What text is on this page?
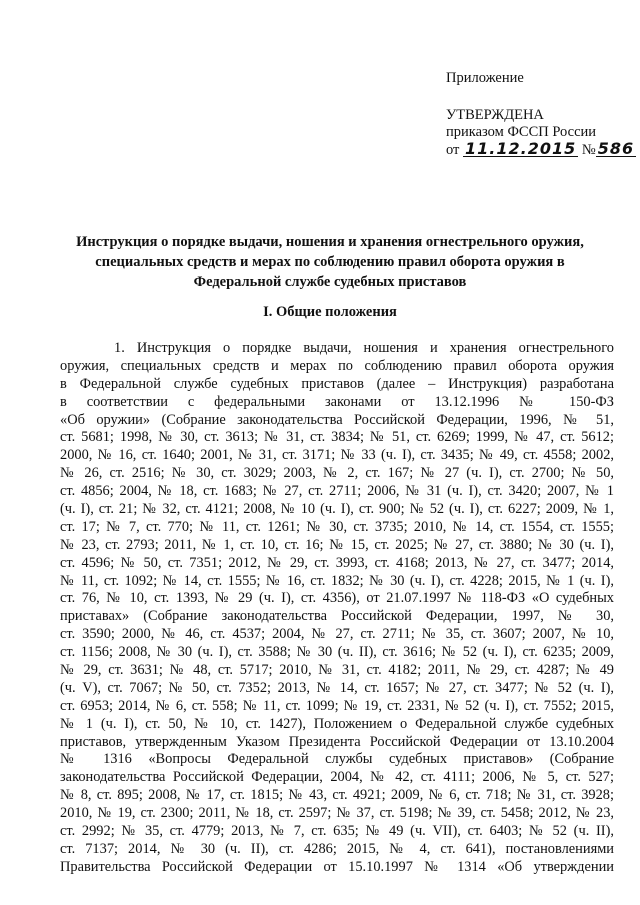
Приложение
УТВЕРЖДЕНА
приказом ФССП России
от 11.12.2015 № 586
Инструкция о порядке выдачи, ношения и хранения огнестрельного оружия,
специальных средств и мерах по соблюдению правил оборота оружия в
Федеральной службе судебных приставов
I. Общие положения
1. Инструкция о порядке выдачи, ношения и хранения огнестрельного
оружия, специальных средств и мерах по соблюдению правил оборота оружия
в Федеральной службе судебных приставов (далее – Инструкция) разработана
в соответствии с федеральными законами от 13.12.1996 № 150-ФЗ
«Об оружии» (Собрание законодательства Российской Федерации, 1996, № 51,
ст. 5681; 1998, № 30, ст. 3613; № 31, ст. 3834; № 51, ст. 6269; 1999, № 47, ст. 5612;
2000, № 16, ст. 1640; 2001, № 31, ст. 3171; № 33 (ч. I), ст. 3435; № 49, ст. 4558; 2002,
№ 26, ст. 2516; № 30, ст. 3029; 2003, № 2, ст. 167; № 27 (ч. I), ст. 2700; № 50,
ст. 4856; 2004, № 18, ст. 1683; № 27, ст. 2711; 2006, № 31 (ч. I), ст. 3420; 2007, № 1
(ч. I), ст. 21; № 32, ст. 4121; 2008, № 10 (ч. I), ст. 900; № 52 (ч. I), ст. 6227; 2009, № 1,
ст. 17; № 7, ст. 770; № 11, ст. 1261; № 30, ст. 3735; 2010, № 14, ст. 1554, ст. 1555;
№ 23, ст. 2793; 2011, № 1, ст. 10, ст. 16; № 15, ст. 2025; № 27, ст. 3880; № 30 (ч. I),
ст. 4596; № 50, ст. 7351; 2012, № 29, ст. 3993, ст. 4168; 2013, № 27, ст. 3477; 2014,
№ 11, ст. 1092; № 14, ст. 1555; № 16, ст. 1832; № 30 (ч. I), ст. 4228; 2015, № 1 (ч. I),
ст. 76, № 10, ст. 1393, № 29 (ч. I), ст. 4356), от 21.07.1997 № 118-ФЗ «О судебных
приставах» (Собрание законодательства Российской Федерации, 1997, № 30,
ст. 3590; 2000, № 46, ст. 4537; 2004, № 27, ст. 2711; № 35, ст. 3607; 2007, № 10,
ст. 1156; 2008, № 30 (ч. I), ст. 3588; № 30 (ч. II), ст. 3616; № 52 (ч. I), ст. 6235; 2009,
№ 29, ст. 3631; № 48, ст. 5717; 2010, № 31, ст. 4182; 2011, № 29, ст. 4287; № 49
(ч. V), ст. 7067; № 50, ст. 7352; 2013, № 14, ст. 1657; № 27, ст. 3477; № 52 (ч. I),
ст. 6953; 2014, № 6, ст. 558; № 11, ст. 1099; № 19, ст. 2331, № 52 (ч. I), ст. 7552; 2015,
№ 1 (ч. I), ст. 50, № 10, ст. 1427), Положением о Федеральной службе судебных
приставов, утвержденным Указом Президента Российской Федерации от 13.10.2004
№ 1316 «Вопросы Федеральной службы судебных приставов» (Собрание
законодательства Российской Федерации, 2004, № 42, ст. 4111; 2006, № 5, ст. 527;
№ 8, ст. 895; 2008, № 17, ст. 1815; № 43, ст. 4921; 2009, № 6, ст. 718; № 31, ст. 3928;
2010, № 19, ст. 2300; 2011, № 18, ст. 2597; № 37, ст. 5198; № 39, ст. 5458; 2012, № 23,
ст. 2992; № 35, ст. 4779; 2013, № 7, ст. 635; № 49 (ч. VII), ст. 6403; № 52 (ч. II),
ст. 7137; 2014, № 30 (ч. II), ст. 4286; 2015, № 4, ст. 641), постановлениями
Правительства Российской Федерации от 15.10.1997 № 1314 «Об утверждении
